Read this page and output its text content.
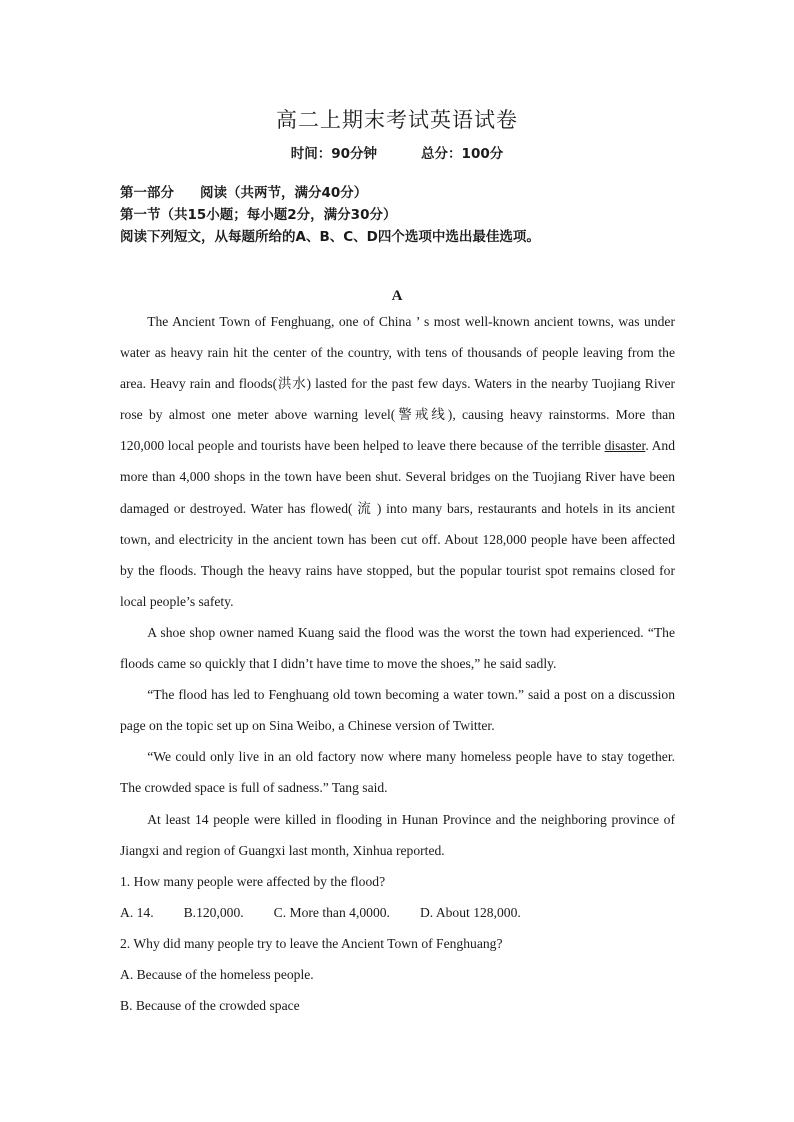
高二上期末考试英语试卷
时间：90分钟	总分：100分
第一部分 阅读（共两节，满分40分）
第一节（共15小题；每小题2分，满分30分）
阅读下列短文，从每题所给的A、B、C、D四个选项中选出最佳选项。
A

The Ancient Town of Fenghuang, one of China ’ s most well-known ancient towns, was under water as heavy rain hit the center of the country, with tens of thousands of people leaving from the area. Heavy rain and floods(洪水) lasted for the past few days. Waters in the nearby Tuojiang River rose by almost one meter above warning level(警戒线), causing heavy rainstorms. More than 120,000 local people and tourists have been helped to leave there because of the terrible disaster. And more than 4,000 shops in the town have been shut. Several bridges on the Tuojiang River have been damaged or destroyed. Water has flowed( 流 ) into many bars, restaurants and hotels in its ancient town, and electricity in the ancient town has been cut off. About 128,000 people have been affected by the floods. Though the heavy rains have stopped, but the popular tourist spot remains closed for local people’s safety.

A shoe shop owner named Kuang said the flood was the worst the town had experienced. “The floods came so quickly that I didn’t have time to move the shoes,” he said sadly.

“The flood has led to Fenghuang old town becoming a water town.” said a post on a discussion page on the topic set up on Sina Weibo, a Chinese version of Twitter.

“We could only live in an old factory now where many homeless people have to stay together. The crowded space is full of sadness.” Tang said.

At least 14 people were killed in flooding in Hunan Province and the neighboring province of Jiangxi and region of Guangxi last month, Xinhua reported.

1. How many people were affected by the flood?

A. 14. B.120,000. C. More than 4,0000. D. About 128,000.

2. Why did many people try to leave the Ancient Town of Fenghuang?

A. Because of the homeless people.

B. Because of the crowded space
